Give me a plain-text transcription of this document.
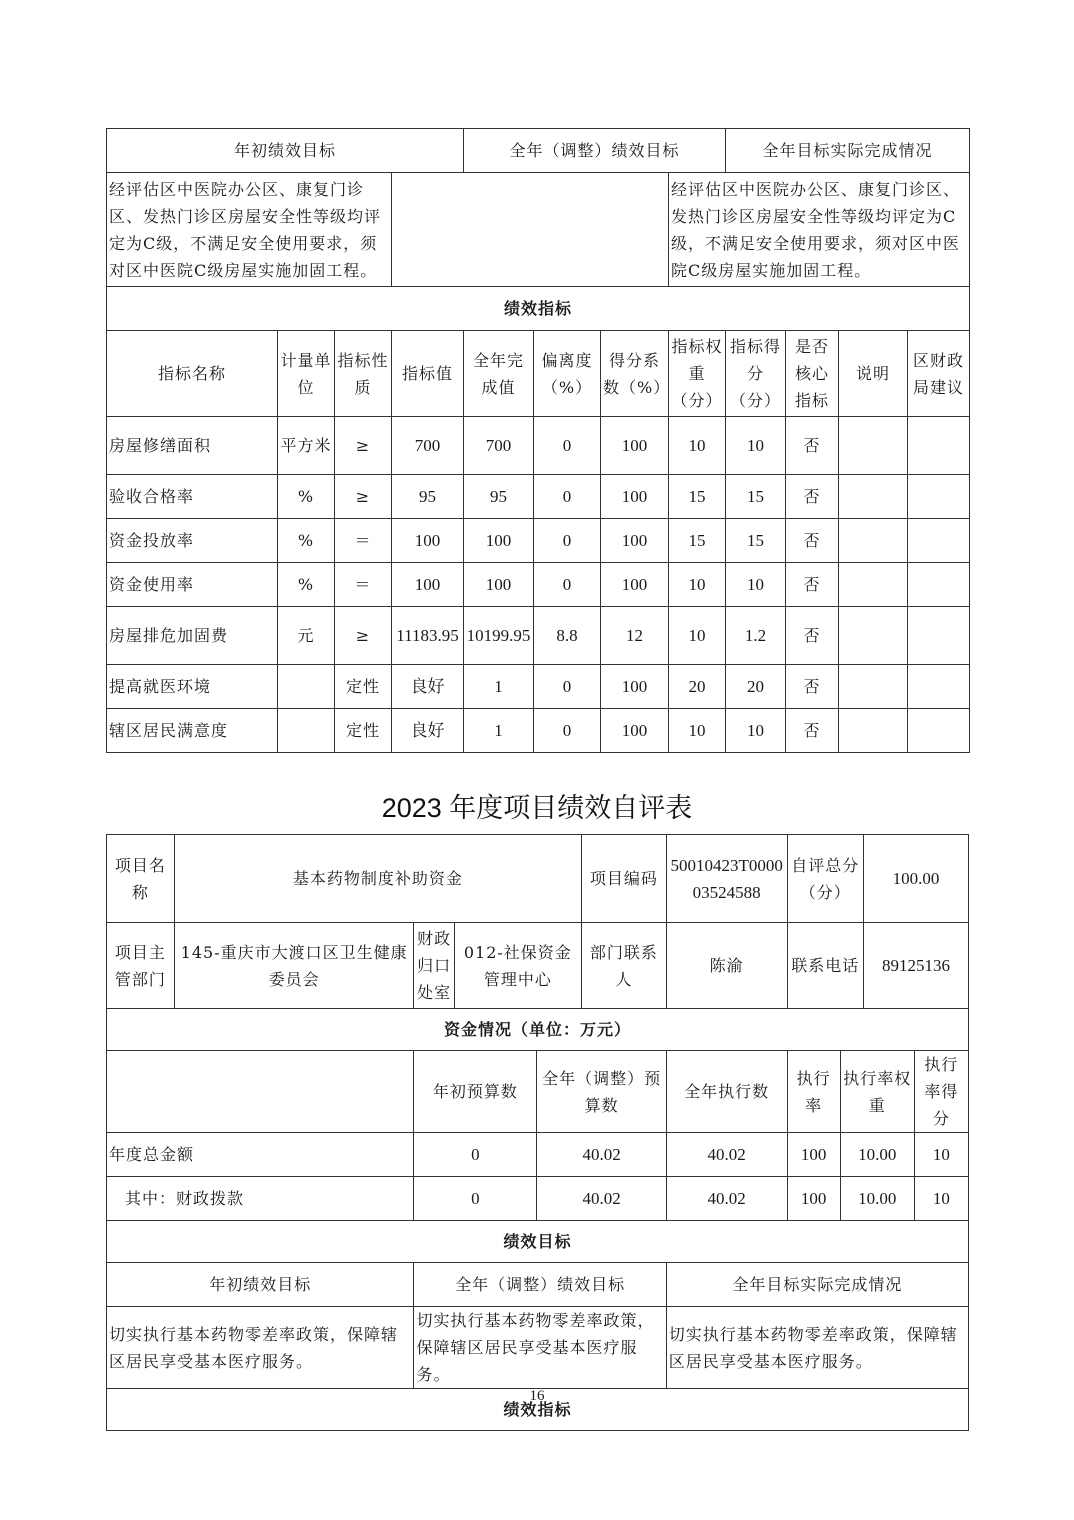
年初绩效目标				全年（调整）绩效目标				全年目标实际完成情况			
经评估区中医院办公区、康复门诊区、发热门诊区房屋安全性等级均评定为C级，不满足安全使用要求，须对区中医院C级房屋实施加固工程。							经评估区中医院办公区、康复门诊区、发热门诊区房屋安全性等级均评定为C级，不满足安全使用要求，须对区中医院C级房屋实施加固工程。				
绩效指标											
指标名称	计量单位	指标性质	指标值	全年完成值	偏离度（%）	得分系数（%）	指标权重（分）	指标得分（分）	是否核心指标	说明	区财政局建议
房屋修缮面积	平方米	≥	700	700	0	100	10	10	否		
验收合格率	%	≥	95	95	0	100	15	15	否		
资金投放率	%	＝	100	100	0	100	15	15	否		
资金使用率	%	＝	100	100	0	100	10	10	否		
房屋排危加固费	元	≥	11183.95	10199.95	8.8	12	10	1.2	否		
提高就医环境		定性	良好	1	0	100	20	20	否		
辖区居民满意度		定性	良好	1	0	100	10	10	否		
2023 年度项目绩效自评表
项目名称	基本药物制度补助资金				项目编码	50010423T000003524588	自评总分（分）		100.00	
项目主管部门	145-重庆市大渡口区卫生健康委员会	财政归口处室	012-社保资金管理中心		部门联系人	陈渝	联系电话		89125136	
资金情况（单位：万元）										
		年初预算数		全年（调整）预算数		全年执行数	执行率	执行率权重		执行率得分
年度总金额		0		40.02		40.02	100	10.00		10
其中：财政拨款		0		40.02		40.02	100	10.00		10
绩效目标										
年初绩效目标		全年（调整）绩效目标				全年目标实际完成情况				
切实执行基本药物零差率政策，保障辖区居民享受基本医疗服务。		切实执行基本药物零差率政策，保障辖区居民享受基本医疗服务。				切实执行基本药物零差率政策，保障辖区居民享受基本医疗服务。				
绩效指标										
16
